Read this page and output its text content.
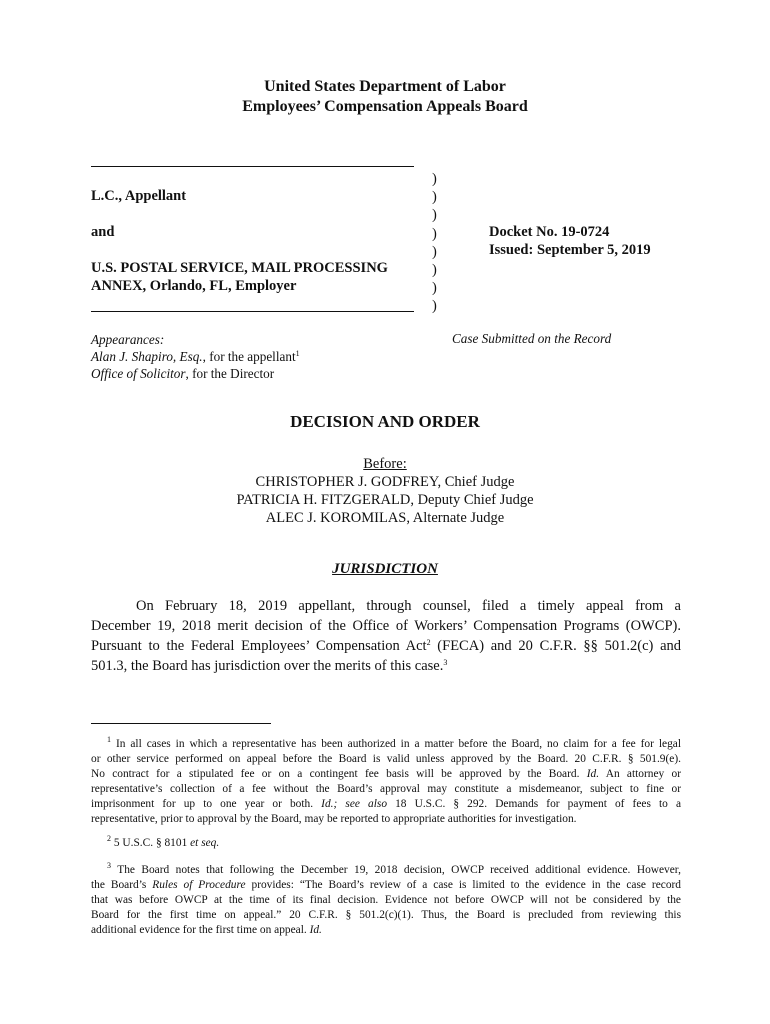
United States Department of Labor
Employees’ Compensation Appeals Board
L.C., Appellant
and
U.S. POSTAL SERVICE, MAIL PROCESSING
ANNEX, Orlando, FL, Employer
)
)
)
)
)
)
)
)
Docket No. 19-0724
Issued: September 5, 2019
Appearances:
Alan J. Shapiro, Esq., for the appellant$^1$
Office of Solicitor, for the Director
Case Submitted on the Record
DECISION AND ORDER
Before:
CHRISTOPHER J. GODFREY, Chief Judge
PATRICIA H. FITZGERALD, Deputy Chief Judge
ALEC J. KOROMILAS, Alternate Judge
JURISDICTION
On February 18, 2019 appellant, through counsel, filed a timely appeal from a
December 19, 2018 merit decision of the Office of Workers’ Compensation Programs (OWCP).
Pursuant to the Federal Employees’ Compensation Act$^2$ (FECA) and 20 C.F.R. §§ 501.2(c) and
501.3, the Board has jurisdiction over the merits of this case.$^3$
$^1$ In all cases in which a representative has been authorized in a matter before the Board, no claim for a fee for legal
or other service performed on appeal before the Board is valid unless approved by the Board. 20 C.F.R. § 501.9(e).
No contract for a stipulated fee or on a contingent fee basis will be approved by the Board. Id. An attorney or
representative’s collection of a fee without the Board’s approval may constitute a misdemeanor, subject to fine or
imprisonment for up to one year or both. Id.; see also 18 U.S.C. § 292. Demands for payment of fees to a
representative, prior to approval by the Board, may be reported to appropriate authorities for investigation.
$^2$ 5 U.S.C. § 8101 et seq.
$^3$ The Board notes that following the December 19, 2018 decision, OWCP received additional evidence. However,
the Board’s Rules of Procedure provides: “The Board’s review of a case is limited to the evidence in the case record
that was before OWCP at the time of its final decision. Evidence not before OWCP will not be considered by the
Board for the first time on appeal.” 20 C.F.R. § 501.2(c)(1). Thus, the Board is precluded from reviewing this
additional evidence for the first time on appeal. Id.
